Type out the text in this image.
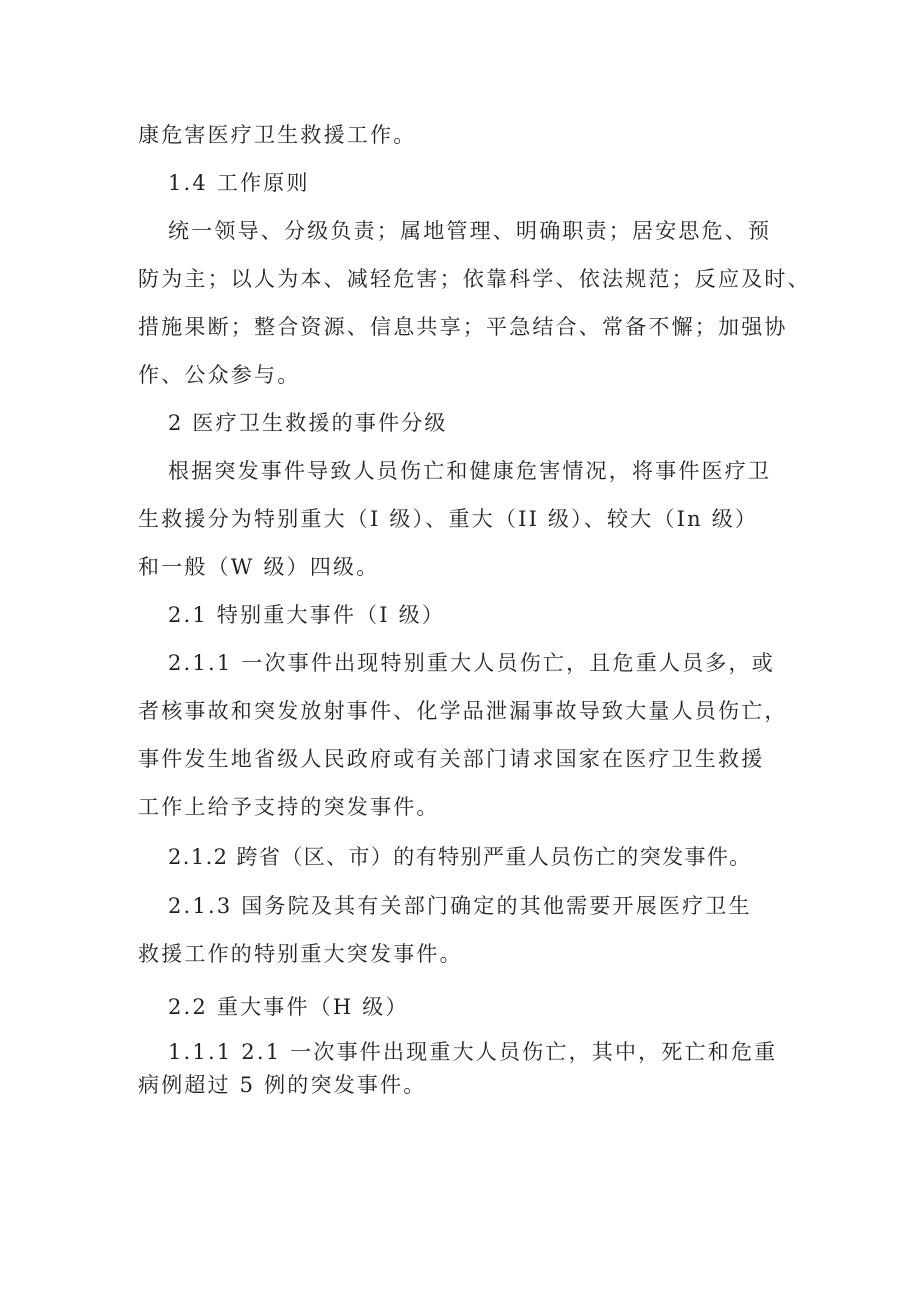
康危害医疗卫生救援工作。

1.4 工作原则

统一领导、分级负责；属地管理、明确职责；居安思危、预

防为主；以人为本、减轻危害；依靠科学、依法规范；反应及时、

措施果断；整合资源、信息共享；平急结合、常备不懈；加强协

作、公众参与。

2 医疗卫生救援的事件分级

根据突发事件导致人员伤亡和健康危害情况，将事件医疗卫

生救援分为特别重大（I 级）、重大（II 级）、较大（In 级）

和一般（W 级）四级。

2.1 特别重大事件（I 级）

2.1.1 一次事件出现特别重大人员伤亡，且危重人员多，或

者核事故和突发放射事件、化学品泄漏事故导致大量人员伤亡，

事件发生地省级人民政府或有关部门请求国家在医疗卫生救援

工作上给予支持的突发事件。

2.1.2 跨省（区、市）的有特别严重人员伤亡的突发事件。

2.1.3 国务院及其有关部门确定的其他需要开展医疗卫生

救援工作的特别重大突发事件。

2.2 重大事件（H 级）

1.1.1 2.1 一次事件出现重大人员伤亡，其中，死亡和危重

病例超过 5 例的突发事件。
